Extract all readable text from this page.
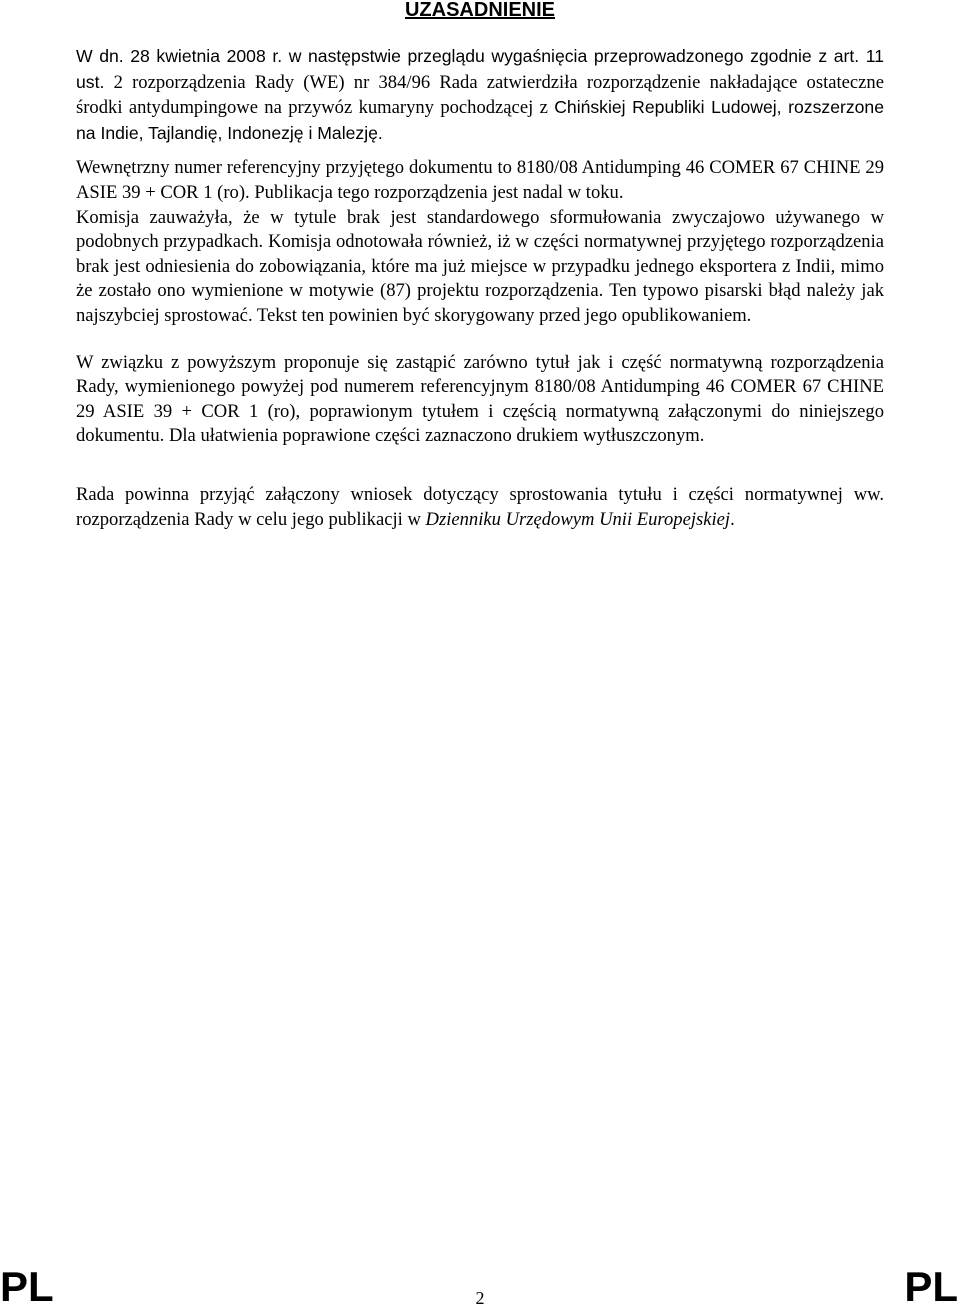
UZASADNIENIE

W dn. 28 kwietnia 2008 r. w następstwie przeglądu wygaśnięcia przeprowadzonego zgodnie z art. 11 ust. 2 rozporządzenia Rady (WE) nr 384/96 Rada zatwierdziła rozporządzenie nakładające ostateczne środki antydumpingowe na przywóz kumaryny pochodzącej z Chińskiej Republiki Ludowej, rozszerzone na Indie, Tajlandię, Indonezję i Malezję.

Wewnętrzny numer referencyjny przyjętego dokumentu to 8180/08 Antidumping 46 COMER 67 CHINE 29 ASIE 39 + COR 1 (ro). Publikacja tego rozporządzenia jest nadal w toku.

Komisja zauważyła, że w tytule brak jest standardowego sformułowania zwyczajowo używanego w podobnych przypadkach. Komisja odnotowała również, iż w części normatywnej przyjętego rozporządzenia brak jest odniesienia do zobowiązania, które ma już miejsce w przypadku jednego eksportera z Indii, mimo że zostało ono wymienione w motywie (87) projektu rozporządzenia. Ten typowo pisarski błąd należy jak najszybciej sprostować. Tekst ten powinien być skorygowany przed jego opublikowaniem.

W związku z powyższym proponuje się zastąpić zarówno tytuł jak i część normatywną rozporządzenia Rady, wymienionego powyżej pod numerem referencyjnym 8180/08 Antidumping 46 COMER 67 CHINE 29 ASIE 39 + COR 1 (ro), poprawionym tytułem i częścią normatywną załączonymi do niniejszego dokumentu. Dla ułatwienia poprawione części zaznaczono drukiem wytłuszczonym.

Rada powinna przyjąć załączony wniosek dotyczący sprostowania tytułu i części normatywnej ww. rozporządzenia Rady w celu jego publikacji w Dzienniku Urzędowym Unii Europejskiej.

PL	2	PL
